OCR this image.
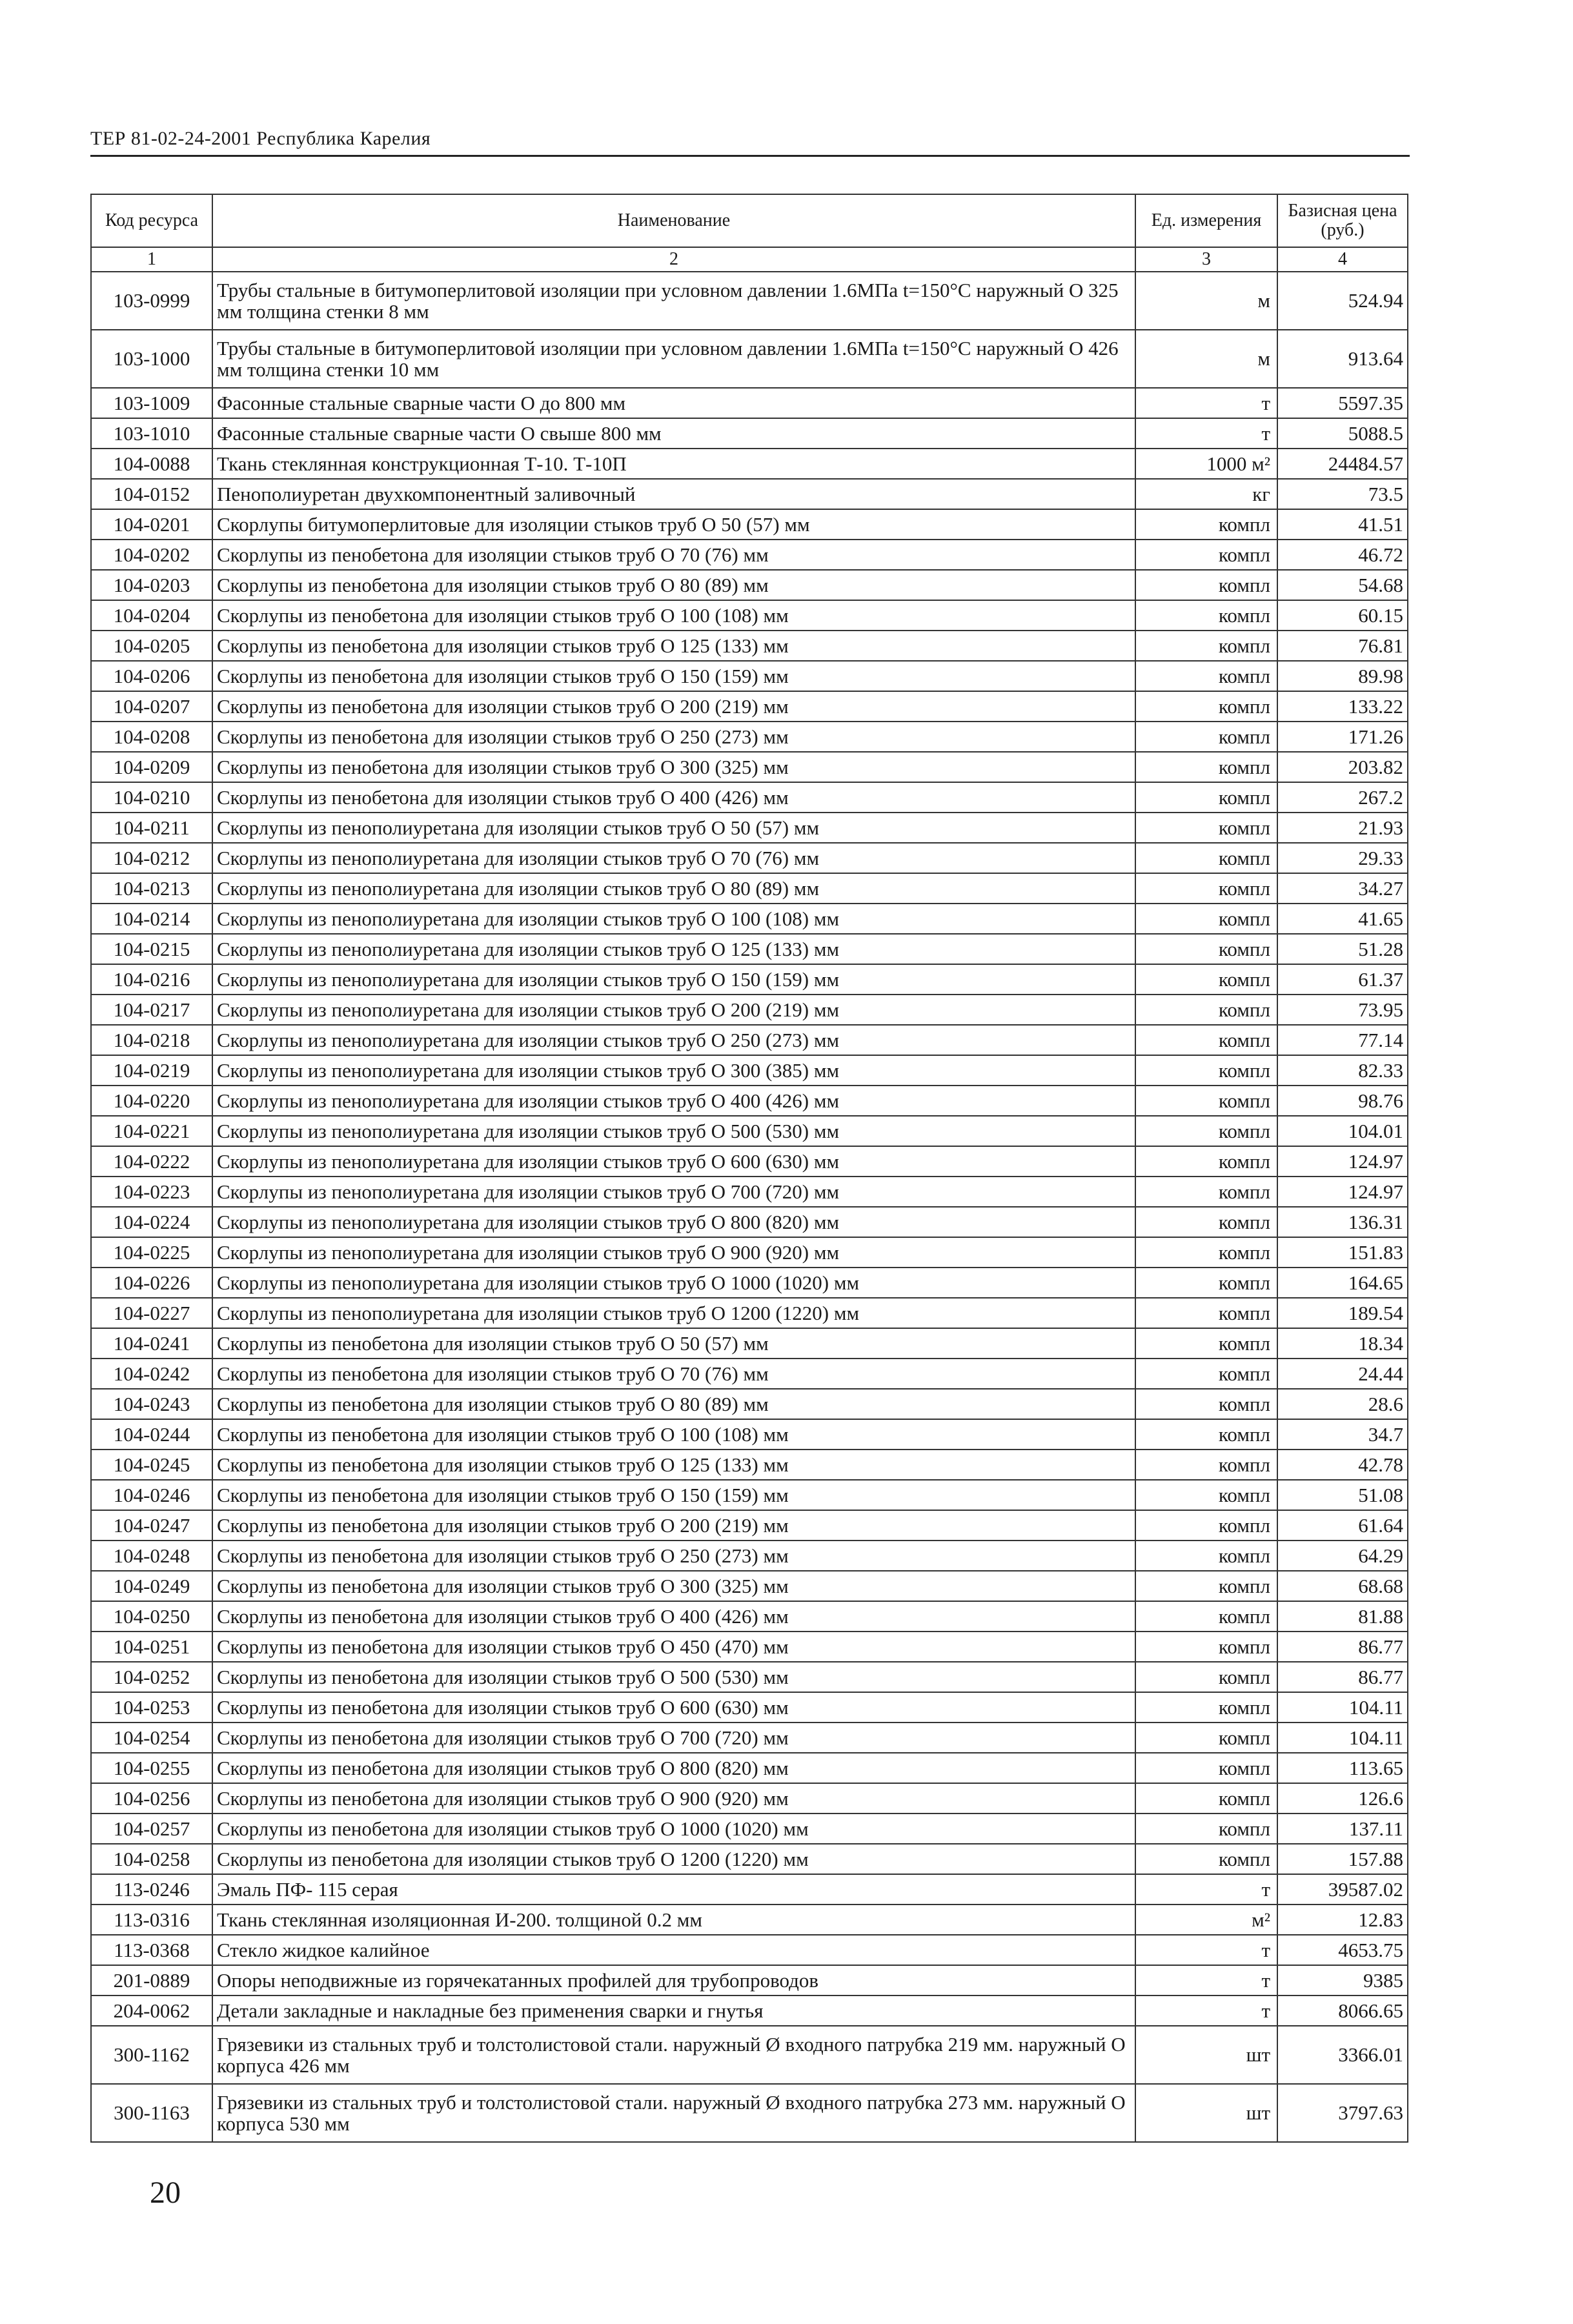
ТЕР 81-02-24-2001 Республика Карелия
Код ресурса	Наименование	Ед. измерения	Базисная цена (руб.)
1	2	3	4
103-0999	Трубы стальные в битумоперлитовой изоляции при условном давлении 1.6МПа t=150°С наружный О 325 мм толщина стенки 8 мм	м	524.94
103-1000	Трубы стальные в битумоперлитовой изоляции при условном давлении 1.6МПа t=150°С наружный О 426 мм толщина стенки 10 мм	м	913.64
103-1009	Фасонные стальные сварные части О до 800 мм	т	5597.35
103-1010	Фасонные стальные сварные части О свыше 800 мм	т	5088.5
104-0088	Ткань стеклянная конструкционная Т-10. Т-10П	1000 м²	24484.57
104-0152	Пенополиуретан двухкомпонентный заливочный	кг	73.5
104-0201	Скорлупы битумоперлитовые для изоляции стыков труб О 50 (57) мм	компл	41.51
104-0202	Скорлупы из пенобетона для изоляции стыков труб О 70 (76) мм	компл	46.72
104-0203	Скорлупы из пенобетона для изоляции стыков труб О 80 (89) мм	компл	54.68
104-0204	Скорлупы из пенобетона для изоляции стыков труб О 100 (108) мм	компл	60.15
104-0205	Скорлупы из пенобетона для изоляции стыков труб О 125 (133) мм	компл	76.81
104-0206	Скорлупы из пенобетона для изоляции стыков труб О 150 (159) мм	компл	89.98
104-0207	Скорлупы из пенобетона для изоляции стыков труб О 200 (219) мм	компл	133.22
104-0208	Скорлупы из пенобетона для изоляции стыков труб О 250 (273) мм	компл	171.26
104-0209	Скорлупы из пенобетона для изоляции стыков труб О 300 (325) мм	компл	203.82
104-0210	Скорлупы из пенобетона для изоляции стыков труб О 400 (426) мм	компл	267.2
104-0211	Скорлупы из пенополиуретана для изоляции стыков труб О 50 (57) мм	компл	21.93
104-0212	Скорлупы из пенополиуретана для изоляции стыков труб О 70 (76) мм	компл	29.33
104-0213	Скорлупы из пенополиуретана для изоляции стыков труб О 80 (89) мм	компл	34.27
104-0214	Скорлупы из пенополиуретана для изоляции стыков труб О 100 (108) мм	компл	41.65
104-0215	Скорлупы из пенополиуретана для изоляции стыков труб О 125 (133) мм	компл	51.28
104-0216	Скорлупы из пенополиуретана для изоляции стыков труб О 150 (159) мм	компл	61.37
104-0217	Скорлупы из пенополиуретана для изоляции стыков труб О 200 (219) мм	компл	73.95
104-0218	Скорлупы из пенополиуретана для изоляции стыков труб О 250 (273) мм	компл	77.14
104-0219	Скорлупы из пенополиуретана для изоляции стыков труб О 300 (385) мм	компл	82.33
104-0220	Скорлупы из пенополиуретана для изоляции стыков труб О 400 (426) мм	компл	98.76
104-0221	Скорлупы из пенополиуретана для изоляции стыков труб О 500 (530) мм	компл	104.01
104-0222	Скорлупы из пенополиуретана для изоляции стыков труб О 600 (630) мм	компл	124.97
104-0223	Скорлупы из пенополиуретана для изоляции стыков труб О 700 (720) мм	компл	124.97
104-0224	Скорлупы из пенополиуретана для изоляции стыков труб О 800 (820) мм	компл	136.31
104-0225	Скорлупы из пенополиуретана для изоляции стыков труб О 900 (920) мм	компл	151.83
104-0226	Скорлупы из пенополиуретана для изоляции стыков труб О 1000 (1020) мм	компл	164.65
104-0227	Скорлупы из пенополиуретана для изоляции стыков труб О 1200 (1220) мм	компл	189.54
104-0241	Скорлупы из пенобетона для изоляции стыков труб О 50 (57) мм	компл	18.34
104-0242	Скорлупы из пенобетона для изоляции стыков труб О 70 (76) мм	компл	24.44
104-0243	Скорлупы из пенобетона для изоляции стыков труб О 80 (89) мм	компл	28.6
104-0244	Скорлупы из пенобетона для изоляции стыков труб О 100 (108) мм	компл	34.7
104-0245	Скорлупы из пенобетона для изоляции стыков труб О 125 (133) мм	компл	42.78
104-0246	Скорлупы из пенобетона для изоляции стыков труб О 150 (159) мм	компл	51.08
104-0247	Скорлупы из пенобетона для изоляции стыков труб О 200 (219) мм	компл	61.64
104-0248	Скорлупы из пенобетона для изоляции стыков труб О 250 (273) мм	компл	64.29
104-0249	Скорлупы из пенобетона для изоляции стыков труб О 300 (325) мм	компл	68.68
104-0250	Скорлупы из пенобетона для изоляции стыков труб О 400 (426) мм	компл	81.88
104-0251	Скорлупы из пенобетона для изоляции стыков труб О 450 (470) мм	компл	86.77
104-0252	Скорлупы из пенобетона для изоляции стыков труб О 500 (530) мм	компл	86.77
104-0253	Скорлупы из пенобетона для изоляции стыков труб О 600 (630) мм	компл	104.11
104-0254	Скорлупы из пенобетона для изоляции стыков труб О 700 (720) мм	компл	104.11
104-0255	Скорлупы из пенобетона для изоляции стыков труб О 800 (820) мм	компл	113.65
104-0256	Скорлупы из пенобетона для изоляции стыков труб О 900 (920) мм	компл	126.6
104-0257	Скорлупы из пенобетона для изоляции стыков труб О 1000 (1020) мм	компл	137.11
104-0258	Скорлупы из пенобетона для изоляции стыков труб О 1200 (1220) мм	компл	157.88
113-0246	Эмаль ПФ- 115 серая	т	39587.02
113-0316	Ткань стеклянная изоляционная И-200. толщиной 0.2 мм	м²	12.83
113-0368	Стекло жидкое калийное	т	4653.75
201-0889	Опоры неподвижные из горячекатанных профилей для трубопроводов	т	9385
204-0062	Детали закладные и накладные без применения сварки и гнутья	т	8066.65
300-1162	Грязевики из стальных труб и толстолистовой стали. наружный Ø входного патрубка 219 мм. наружный О корпуса 426 мм	шт	3366.01
300-1163	Грязевики из стальных труб и толстолистовой стали. наружный Ø входного патрубка 273 мм. наружный О корпуса 530 мм	шт	3797.63
20
